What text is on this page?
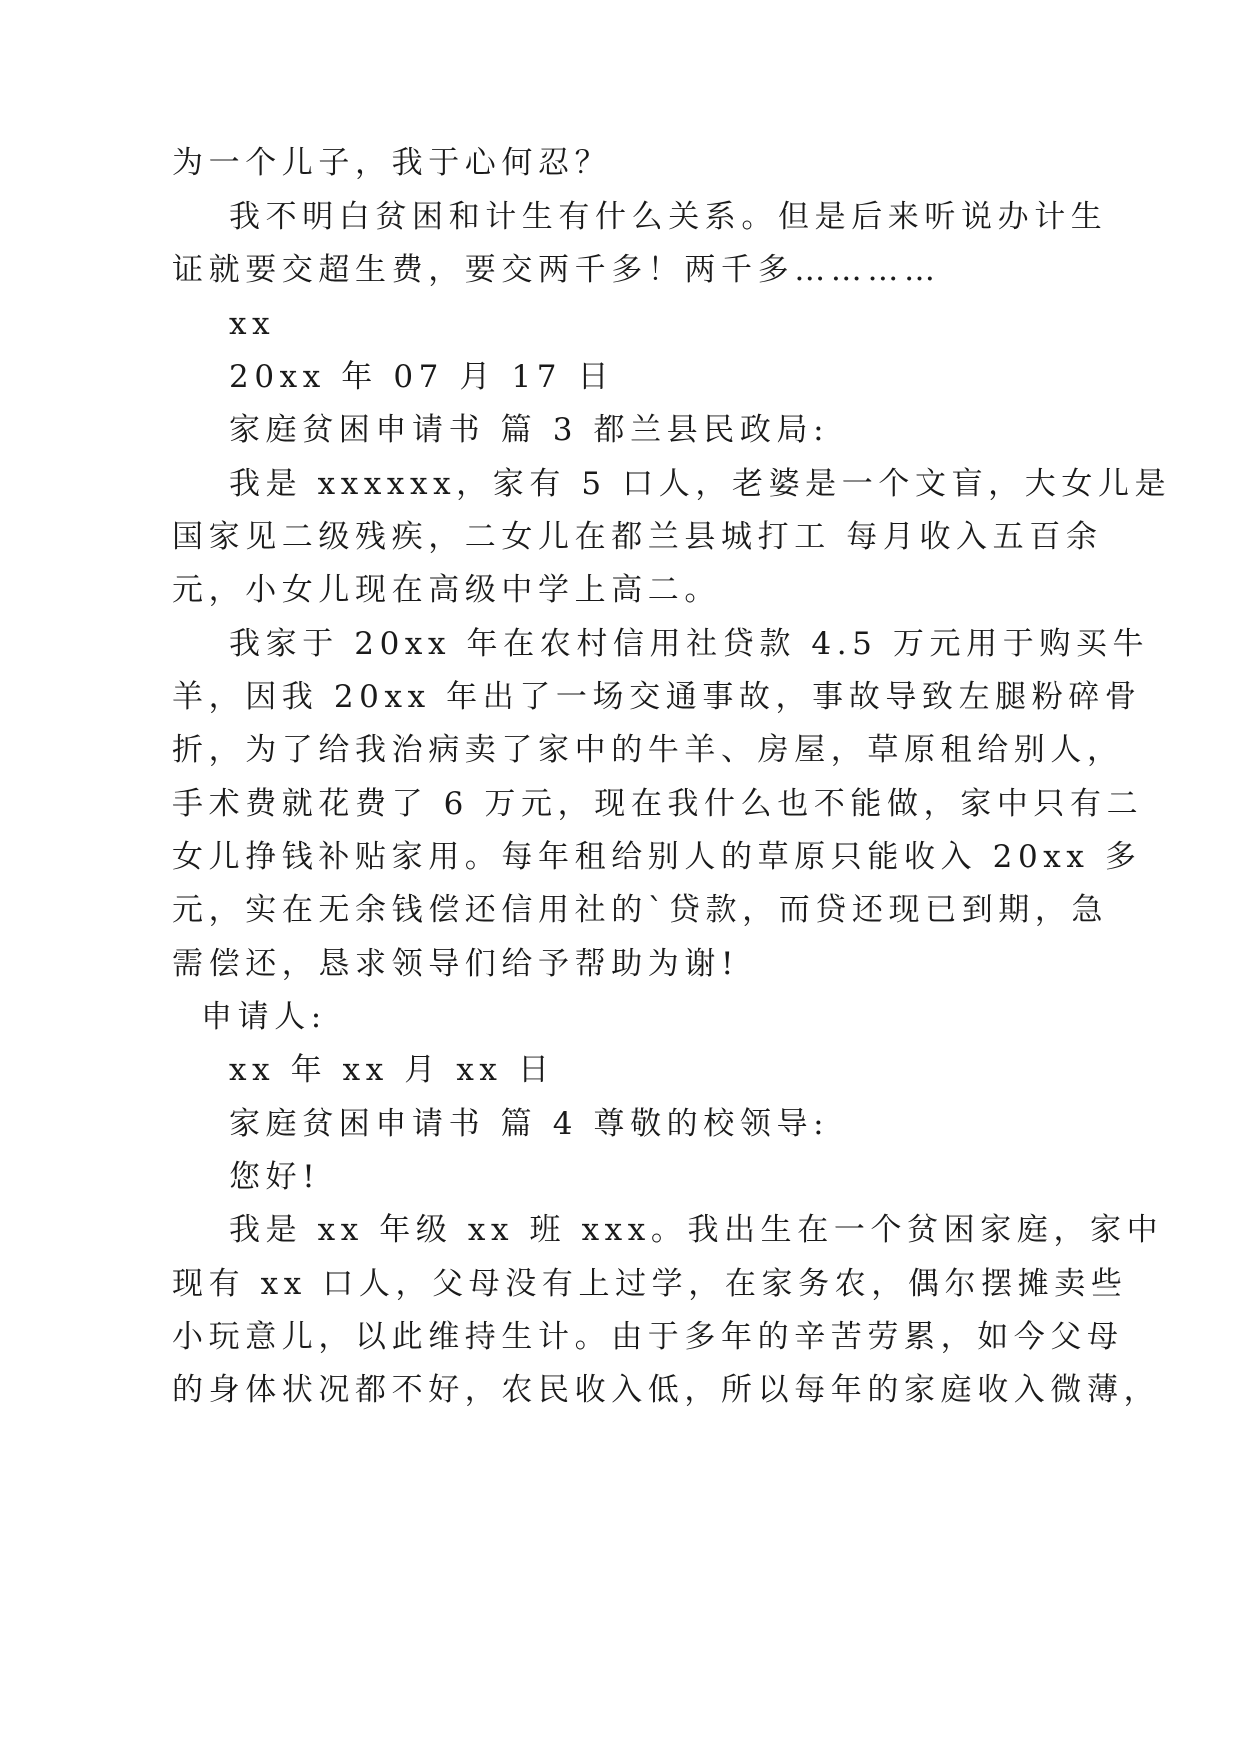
为一个儿子，我于心何忍？
我不明白贫困和计生有什么关系。但是后来听说办计生
证就要交超生费，要交两千多！两千多…………
xx
20xx 年 07 月 17 日
家庭贫困申请书 篇 3 都兰县民政局:
我是 xxxxxx，家有 5 口人，老婆是一个文盲，大女儿是
国家见二级残疾，二女儿在都兰县城打工 每月收入五百余
元，小女儿现在高级中学上高二。
我家于 20xx 年在农村信用社贷款 4.5 万元用于购买牛
羊，因我 20xx 年出了一场交通事故，事故导致左腿粉碎骨
折，为了给我治病卖了家中的牛羊、房屋，草原租给别人，
手术费就花费了 6 万元，现在我什么也不能做，家中只有二
女儿挣钱补贴家用。每年租给别人的草原只能收入 20xx 多
元，实在无余钱偿还信用社的`贷款，而贷还现已到期，急
需偿还，恳求领导们给予帮助为谢!
申请人:
xx 年 xx 月 xx 日
家庭贫困申请书 篇 4 尊敬的校领导:
您好!
我是 xx 年级 xx 班 xxx。我出生在一个贫困家庭，家中
现有 xx 口人，父母没有上过学，在家务农，偶尔摆摊卖些
小玩意儿，以此维持生计。由于多年的辛苦劳累，如今父母
的身体状况都不好，农民收入低，所以每年的家庭收入微薄，
